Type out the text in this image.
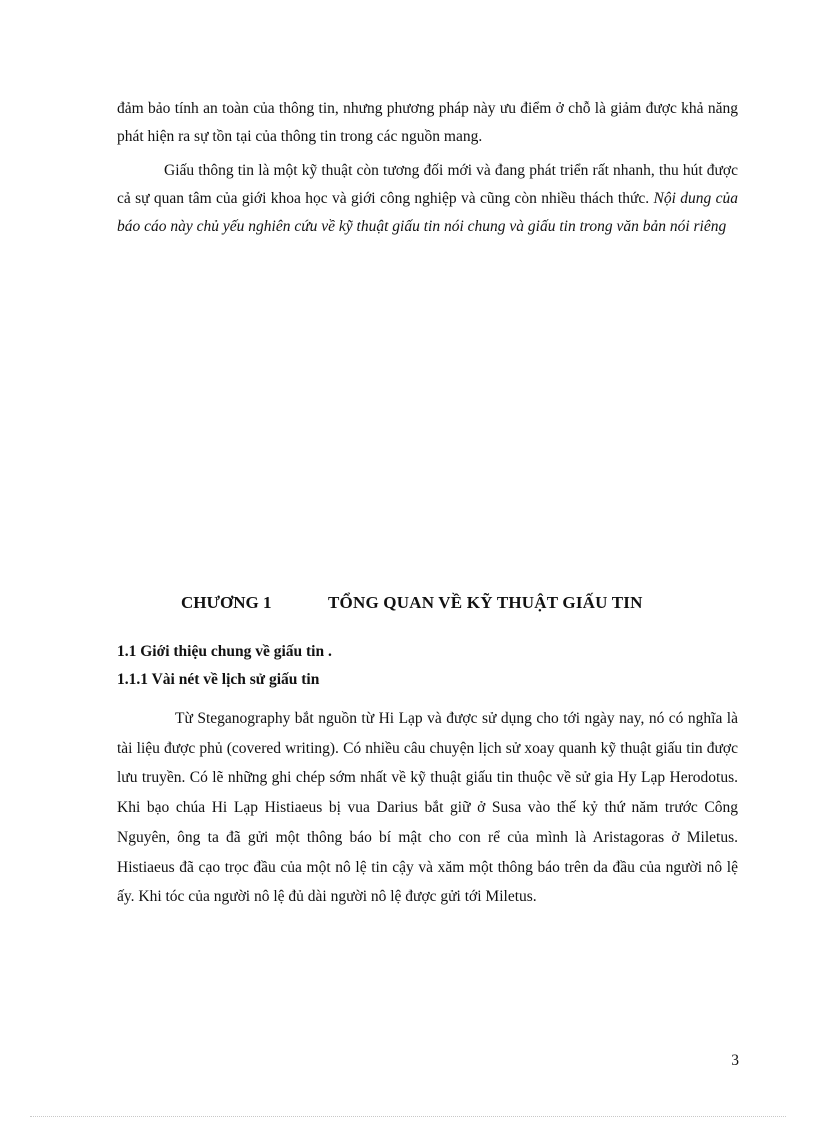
đảm bảo tính an toàn của thông tin, nhưng phương pháp này ưu điểm ở chỗ là giảm được khả năng phát hiện ra sự tồn tại của thông tin trong các nguồn mang.

Giấu thông tin là một kỹ thuật còn tương đối mới và đang phát triển rất nhanh, thu hút được cả sự quan tâm của giới khoa học và giới công nghiệp và cũng còn nhiều thách thức. Nội dung của báo cáo này chủ yếu nghiên cứu về kỹ thuật giấu tin nói chung và giấu tin trong văn bản nói riêng

CHƯƠNG 1	TỔNG QUAN VỀ KỸ THUẬT GIẤU TIN
1.1 Giới thiệu chung về giấu tin .
1.1.1 Vài nét về lịch sử giấu tin

Từ Steganography bắt nguồn từ Hi Lạp và được sử dụng cho tới ngày nay, nó có nghĩa là tài liệu được phủ (covered writing). Có nhiều câu chuyện lịch sử xoay quanh kỹ thuật giấu tin được lưu truyền. Có lẽ những ghi chép sớm nhất về kỹ thuật giấu tin thuộc về sử gia Hy Lạp Herodotus. Khi bạo chúa Hi Lạp Histiaeus bị vua Darius bắt giữ ở Susa vào thế kỷ thứ năm trước Công Nguyên, ông ta đã gửi một thông báo bí mật cho con rể của mình là Aristagoras ở Miletus. Histiaeus đã cạo trọc đầu của một nô lệ tin cậy và xăm một thông báo trên da đầu của người nô lệ ấy. Khi tóc của người nô lệ đủ dài người nô lệ được gửi tới Miletus.

3
